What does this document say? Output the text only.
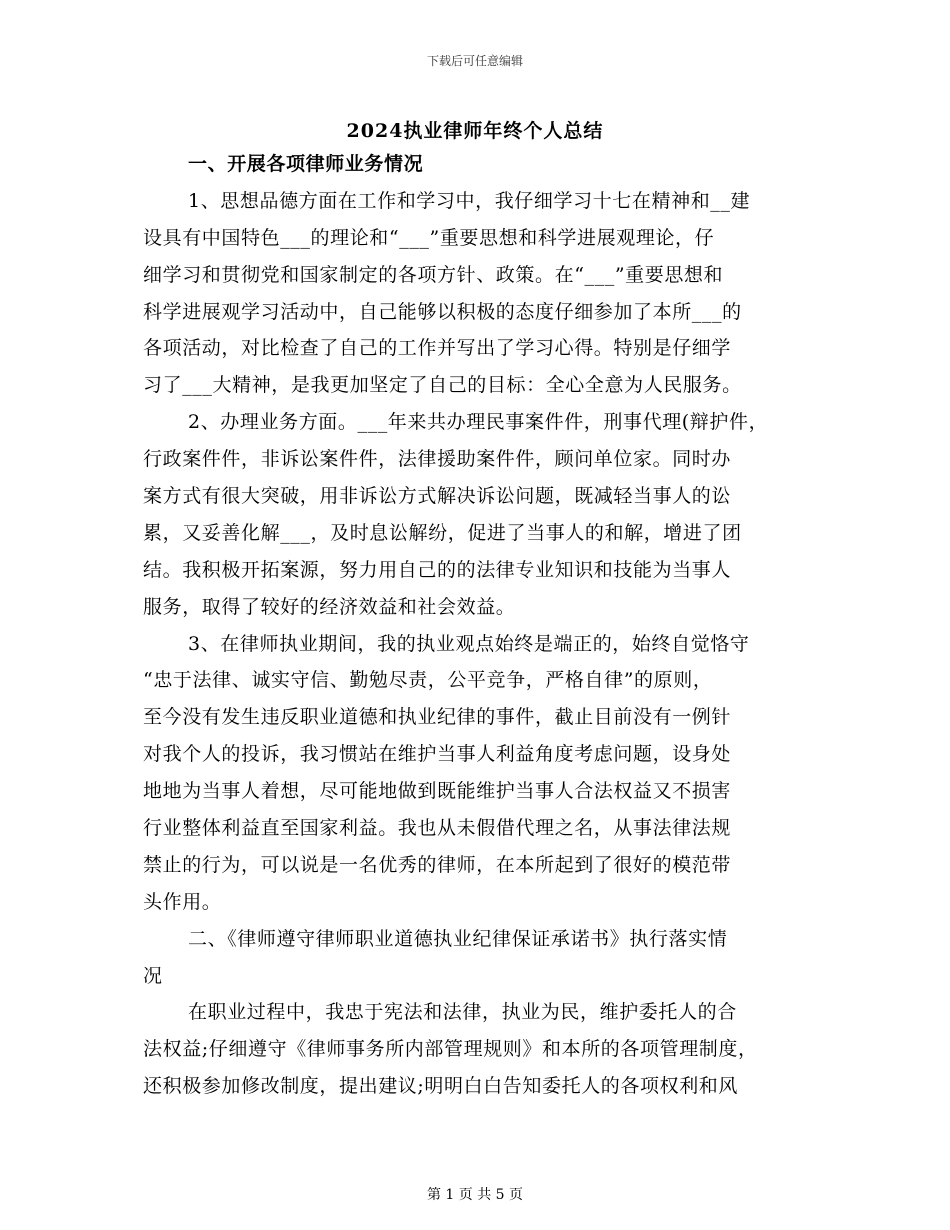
下载后可任意编辑
2024执业律师年终个人总结
一、开展各项律师业务情况
1、思想品德方面在工作和学习中，我仔细学习十七在精神和__建
设具有中国特色___的理论和“___”重要思想和科学进展观理论，仔
细学习和贯彻党和国家制定的各项方针、政策。在“___”重要思想和
科学进展观学习活动中，自己能够以积极的态度仔细参加了本所___的
各项活动，对比检查了自己的工作并写出了学习心得。特别是仔细学
习了___大精神，是我更加坚定了自己的目标：全心全意为人民服务。
2、办理业务方面。___年来共办理民事案件件，刑事代理(辩护件，
行政案件件，非诉讼案件件，法律援助案件件，顾问单位家。同时办
案方式有很大突破，用非诉讼方式解决诉讼问题，既减轻当事人的讼
累，又妥善化解___，及时息讼解纷，促进了当事人的和解，增进了团
结。我积极开拓案源，努力用自己的的法律专业知识和技能为当事人
服务，取得了较好的经济效益和社会效益。
3、在律师执业期间，我的执业观点始终是端正的，始终自觉恪守
“忠于法律、诚实守信、勤勉尽责，公平竞争，严格自律”的原则，
至今没有发生违反职业道德和执业纪律的事件，截止目前没有一例针
对我个人的投诉，我习惯站在维护当事人利益角度考虑问题，设身处
地地为当事人着想，尽可能地做到既能维护当事人合法权益又不损害
行业整体利益直至国家利益。我也从未假借代理之名，从事法律法规
禁止的行为，可以说是一名优秀的律师，在本所起到了很好的模范带
头作用。
二、《律师遵守律师职业道德执业纪律保证承诺书》执行落实情
况
在职业过程中，我忠于宪法和法律，执业为民，维护委托人的合
法权益;仔细遵守《律师事务所内部管理规则》和本所的各项管理制度，
还积极参加修改制度，提出建议;明明白白告知委托人的各项权利和风
第 1 页 共 5 页
